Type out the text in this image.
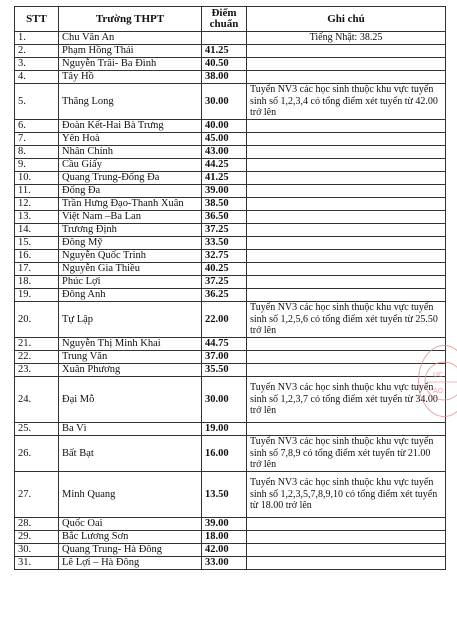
STT	Trường THPT	Điểm chuẩn	Ghi chú
1.	Chu Văn An		Tiếng Nhật: 38.25
2.	Phạm Hồng Thái	41.25	
3.	Nguyễn Trãi- Ba Đình	40.50	
4.	Tây Hồ	38.00	
5.	Thăng Long	30.00	Tuyển NV3 các học sinh thuộc khu vực tuyển sinh số 1,2,3,4 có tổng điểm xét tuyển từ 42.00 trở lên
6.	Đoàn Kết-Hai Bà Trưng	40.00	
7.	Yên Hoà	45.00	
8.	Nhân Chính	43.00	
9.	Cầu Giấy	44.25	
10.	Quang Trung-Đống Đa	41.25	
11.	Đống Đa	39.00	
12.	Trần Hưng Đạo-Thanh Xuân	38.50	
13.	Việt Nam –Ba Lan	36.50	
14.	Trương Định	37.25	
15.	Đông Mỹ	33.50	
16.	Nguyễn Quốc Trinh	32.75	
17.	Nguyễn Gia Thiều	40.25	
18.	Phúc Lợi	37.25	
19.	Đông Anh	36.25	
20.	Tự Lập	22.00	Tuyển NV3 các học sinh thuộc khu vực tuyển sinh số 1,2,5,6 có tổng điểm xét tuyển từ 25.50 trở lên
21.	Nguyễn Thị Minh Khai	44.75	
22.	Trung Văn	37.00	
23.	Xuân Phương	35.50	
24.	Đại Mỗ	30.00	Tuyển NV3 các học sinh thuộc khu vực tuyển sinh số 1,2,3,7 có tổng điểm xét tuyển từ 34.00 trở lên
25.	Ba Vì	19.00	
26.	Bất Bạt	16.00	Tuyển NV3 các học sinh thuộc khu vực tuyển sinh số 7,8,9 có tổng điểm xét tuyển từ 21.00 trở lên
27.	Minh Quang	13.50	Tuyển NV3 các học sinh thuộc khu vực tuyển sinh số 1,2,3,5,7,8,9,10 có tổng điểm xét tuyển từ 18.00 trở lên
28.	Quốc Oai	39.00	
29.	Bắc Lương Sơn	18.00	
30.	Quang Trung- Hà Đông	42.00	
31.	Lê Lợi – Hà Đông	33.00	
ỤC
ÀO
